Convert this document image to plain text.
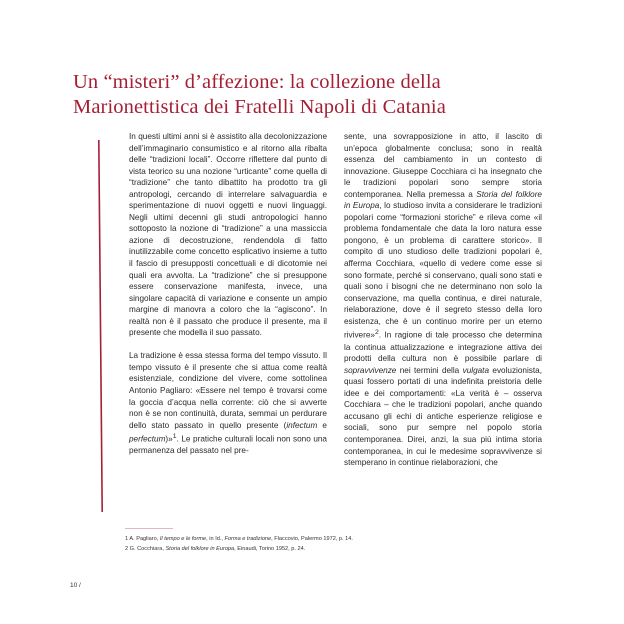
Un “misteri” d’affezione: la collezione della
Marionettistica dei Fratelli Napoli di Catania

In questi ultimi anni si è assistito alla decolonizzazione dell’immaginario consumistico e al ritorno alla ribalta delle “tradizioni locali”. Occorre riflettere dal punto di vista teorico su una nozione “urticante” come quella di “tradizione” che tanto dibattito ha prodotto tra gli antropologi, cercando di interrelare salvaguardia e sperimentazione di nuovi oggetti e nuovi linguaggi. Negli ultimi decenni gli studi antropologici hanno sottoposto la nozione di “tradizione” a una massiccia azione di decostruzione, rendendola di fatto inutilizzabile come concetto esplicativo insieme a tutto il fascio di presupposti concettuali e di dicotomie nei quali era avvolta. La “tradizione” che si presuppone essere conservazione manifesta, invece, una singolare capacità di variazione e consente un ampio margine di manovra a coloro che la “agiscono”. In realtà non è il passato che produce il presente, ma il presente che modella il suo passato.

La tradizione è essa stessa forma del tempo vissuto. Il tempo vissuto è il presente che si attua come realtà esistenziale, condizione del vivere, come sottolinea Antonio Pagliaro: «Essere nel tempo è trovarsi come la goccia d’acqua nella corrente: ciò che si avverte non è se non continuità, durata, semmai un perdurare dello stato passato in quello presente (infectum e perfectum)»$^1$. Le pratiche culturali locali non sono una permanenza del passato nel pre-

sente, una sovrapposizione in atto, il lascito di un’epoca globalmente conclusa; sono in realtà essenza del cambiamento in un contesto di innovazione. Giuseppe Cocchiara ci ha insegnato che le tradizioni popolari sono sempre storia contemporanea. Nella premessa a Storia del folklore in Europa, lo studioso invita a considerare le tradizioni popolari come “formazioni storiche” e rileva come «il problema fondamentale che data la loro natura esse pongono, è un problema di carattere storico». Il compito di uno studioso delle tradizioni popolari è, afferma Cocchiara, «quello di vedere come esse si sono formate, perché si conservano, quali sono stati e quali sono i bisogni che ne determinano non solo la conservazione, ma quella continua, e direi naturale, rielaborazione, dove è il segreto stesso della loro esistenza, che è un continuo morire per un eterno rivivere»$^2$. In ragione di tale processo che determina la continua attualizzazione e integrazione attiva dei prodotti della cultura non è possibile parlare di sopravvivenze nei termini della vulgata evoluzionista, quasi fossero portati di una indefinita preistoria delle idee e dei comportamenti: «La verità è – osserva Cocchiara – che le tradizioni popolari, anche quando accusano gli echi di antiche esperienze religiose e sociali, sono pur sempre nel popolo storia contemporanea. Direi, anzi, la sua più intima storia contemporanea, in cui le medesime sopravvivenze si stemperano in continue rielaborazioni, che

1 A. Pagliaro, Il tempo e le forme, in Id., Forma e tradizione, Flaccovio, Palermo 1972, p. 14.
2 G. Cocchiara, Storia del folklore in Europa, Einaudi, Torino 1952, p. 24.
10 /
